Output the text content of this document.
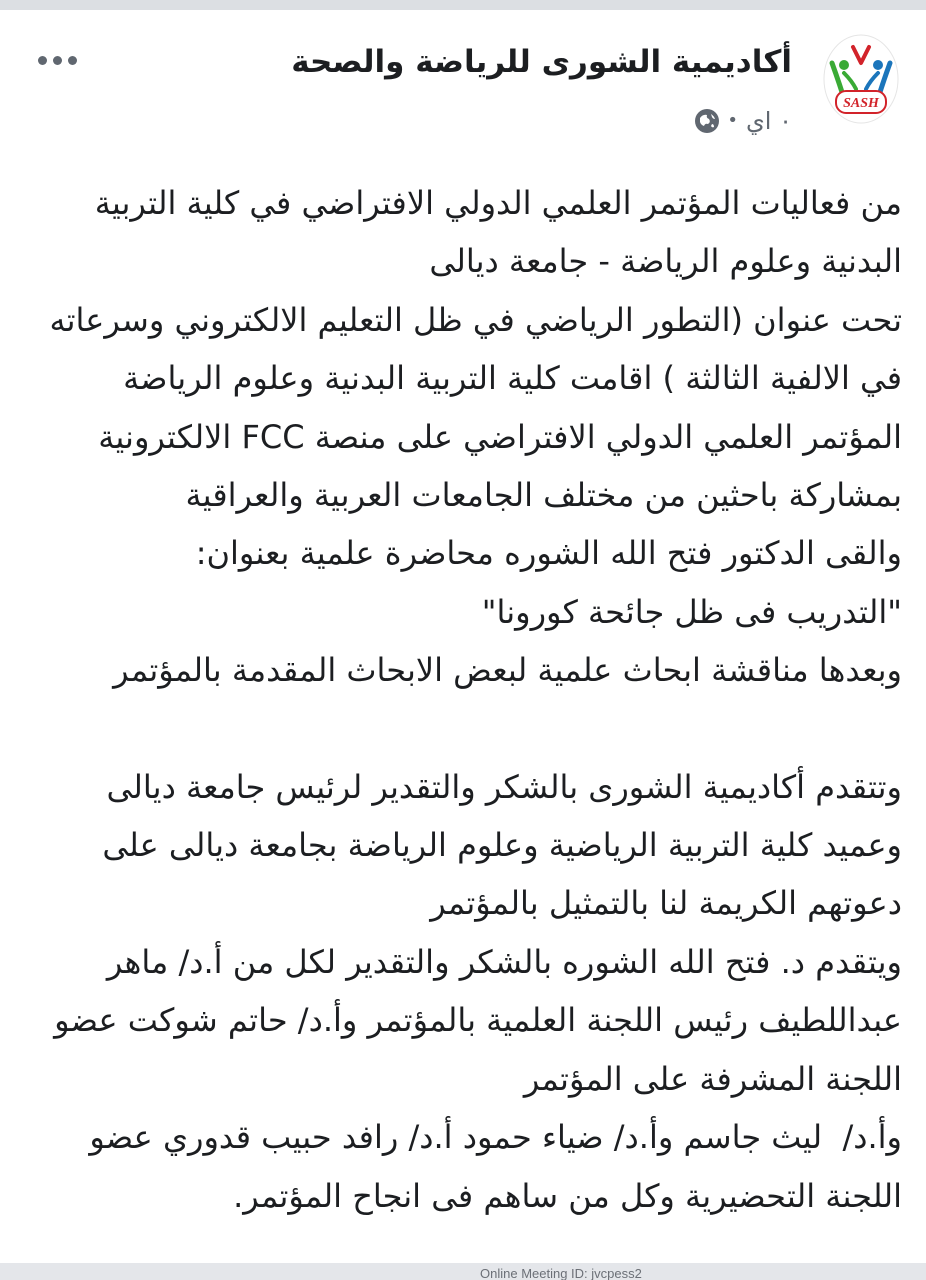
SASH
أكاديمية الشورى للرياضة والصحة
٠ اي
•

من فعاليات المؤتمر العلمي الدولي الافتراضي في كلية التربية البدنية وعلوم الرياضة - جامعة ديالى

تحت عنوان (التطور الرياضي في ظل التعليم الالكتروني وسرعاته في الالفية الثالثة ) اقامت كلية التربية البدنية وعلوم الرياضة المؤتمر العلمي الدولي الافتراضي على منصة FCC الالكترونية بمشاركة باحثين من مختلف الجامعات العربية والعراقية

والقى الدكتور فتح الله الشوره محاضرة علمية بعنوان:

"التدريب فى ظل جائحة كورونا"

وبعدها مناقشة ابحاث علمية لبعض الابحاث المقدمة بالمؤتمر

وتتقدم أكاديمية الشورى بالشكر والتقدير لرئيس جامعة ديالى وعميد كلية التربية الرياضية وعلوم الرياضة بجامعة ديالى على دعوتهم الكريمة لنا بالتمثيل بالمؤتمر

ويتقدم د. فتح الله الشوره بالشكر والتقدير لكل من أ.د/ ماهر عبداللطيف رئيس اللجنة العلمية بالمؤتمر وأ.د/ حاتم شوكت عضو اللجنة المشرفة على المؤتمر

وأ.د/  ليث جاسم وأ.د/ ضياء حمود أ.د/ رافد حبيب قدوري عضو اللجنة التحضيرية وكل من ساهم فى انجاح المؤتمر.

Online Meeting ID: jvcpess2
